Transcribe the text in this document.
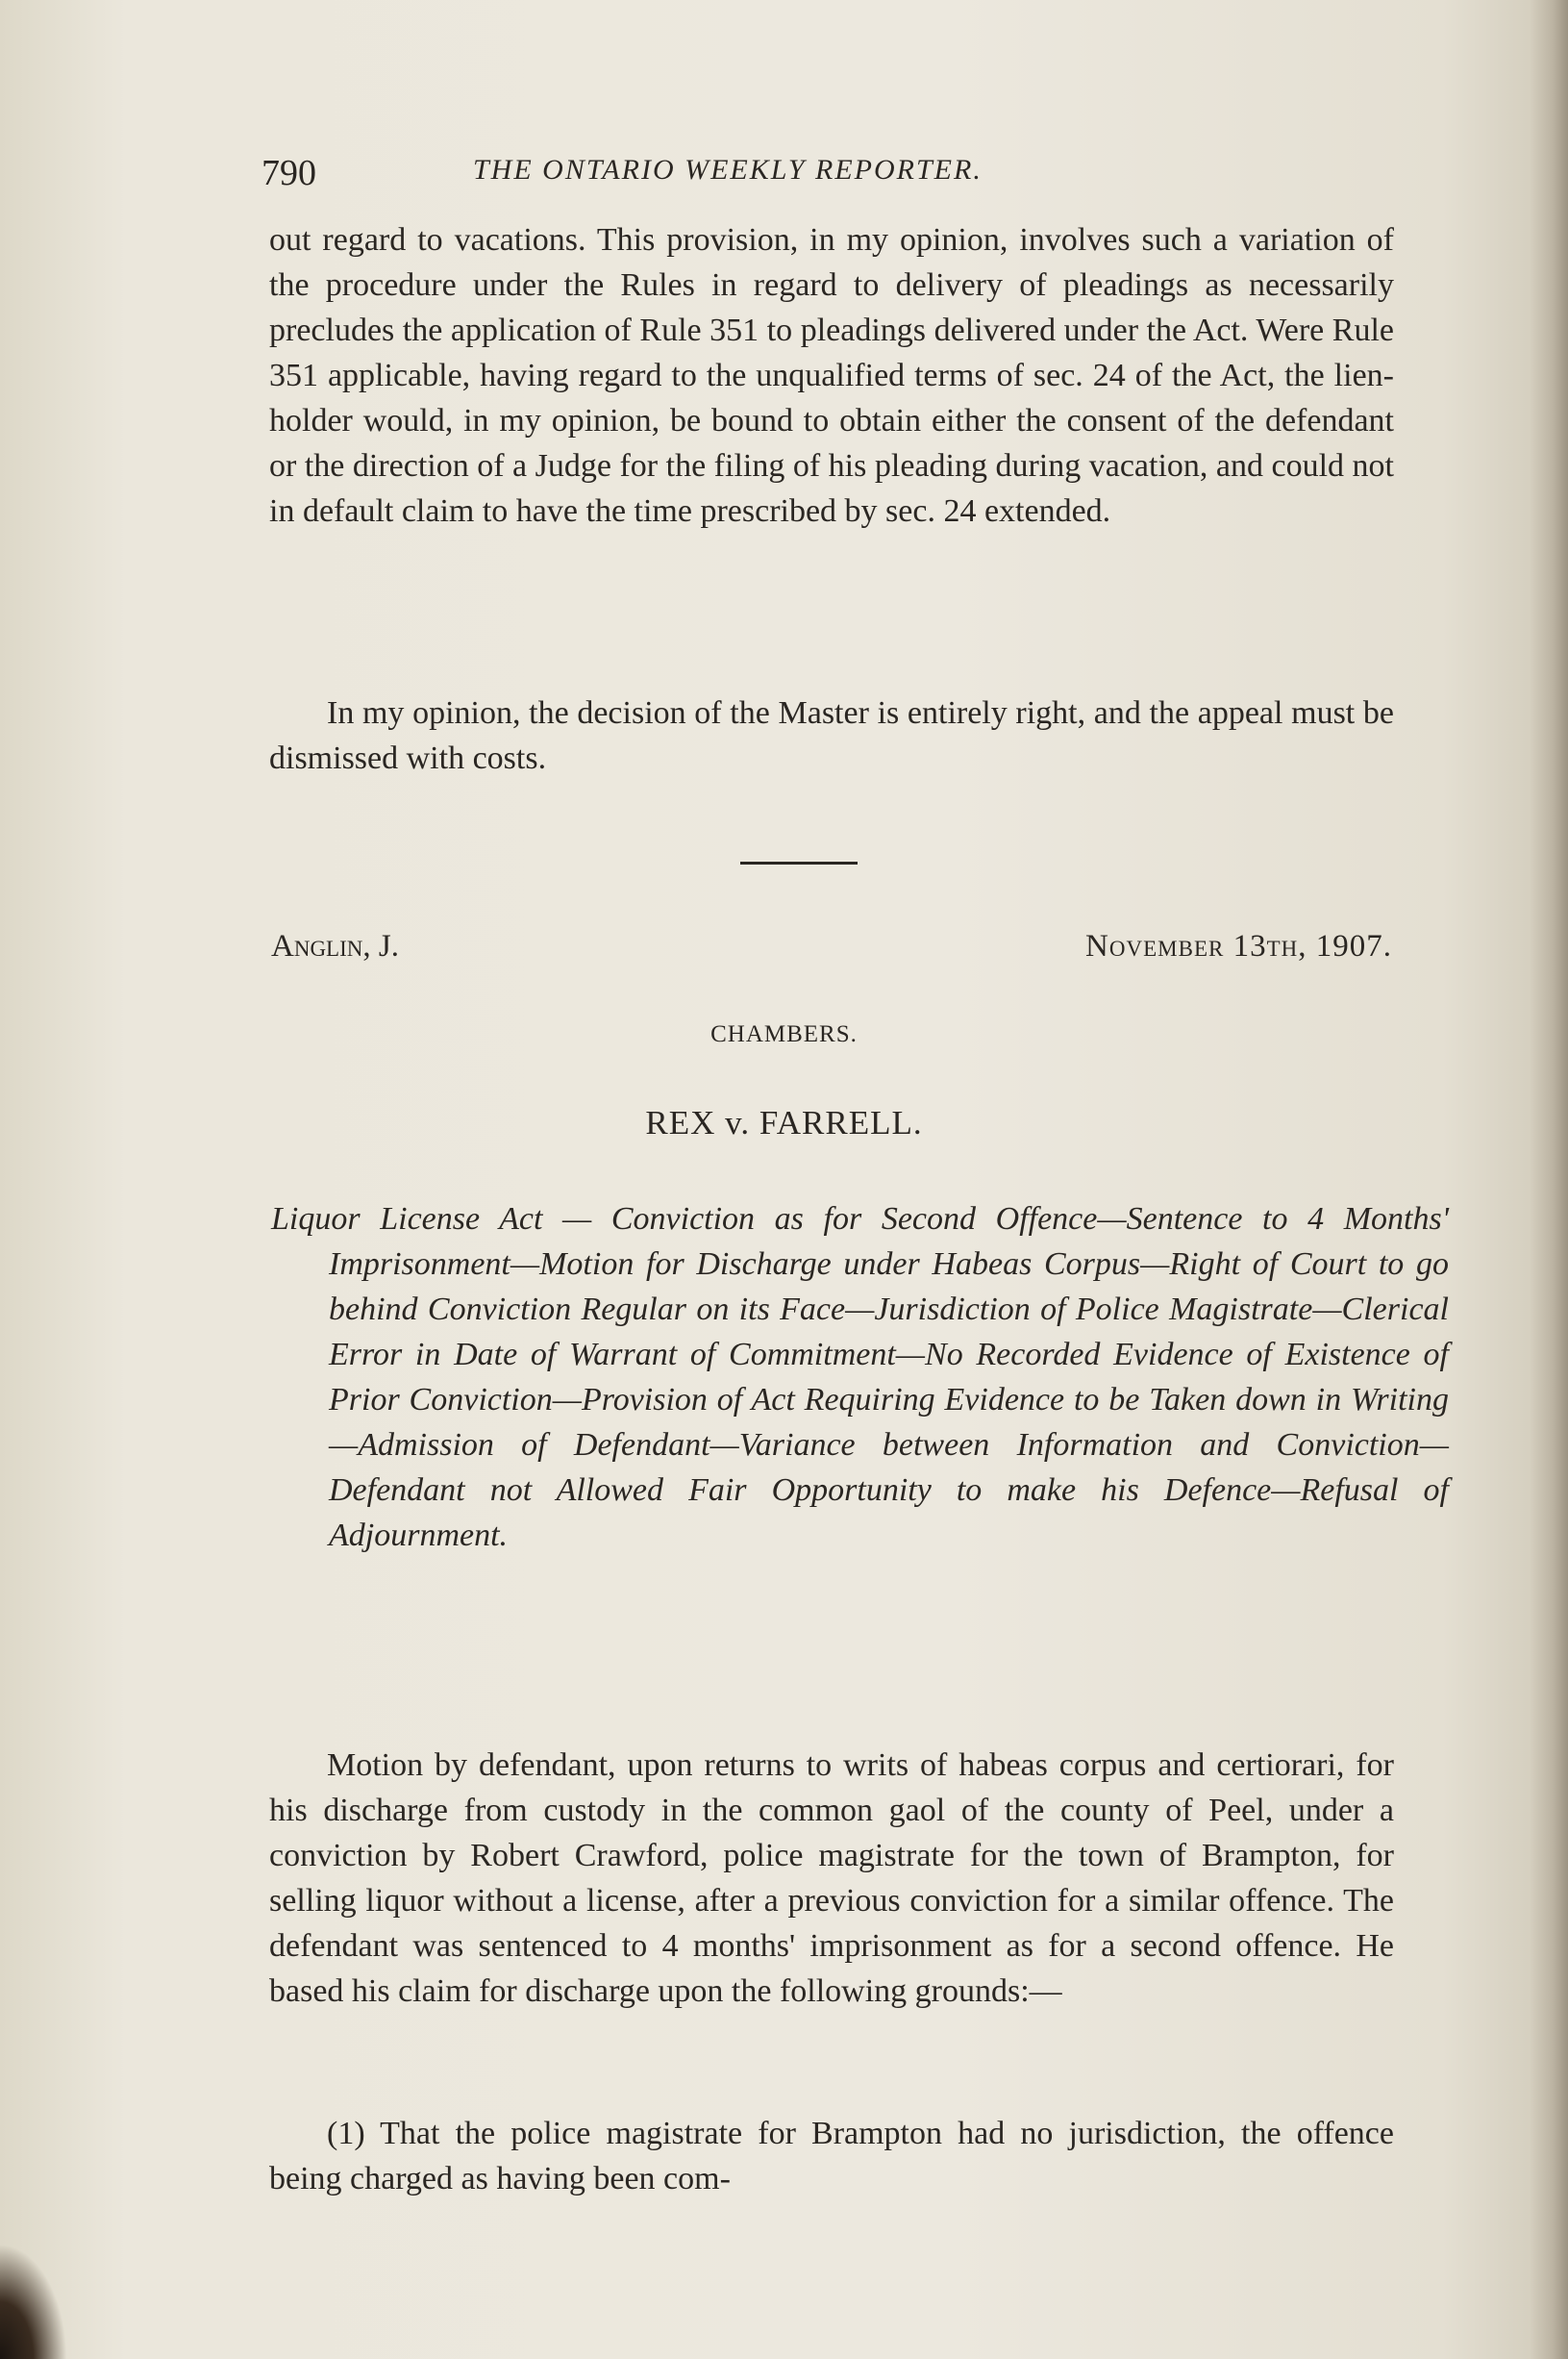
790	THE ONTARIO WEEKLY REPORTER.

out regard to vacations. This provision, in my opinion, involves such a variation of the procedure under the Rules in regard to delivery of pleadings as necessarily precludes the application of Rule 351 to pleadings delivered under the Act. Were Rule 351 applicable, having regard to the unqualified terms of sec. 24 of the Act, the lien-holder would, in my opinion, be bound to obtain either the consent of the defendant or the direction of a Judge for the filing of his pleading during vacation, and could not in default claim to have the time prescribed by sec. 24 extended.

In my opinion, the decision of the Master is entirely right, and the appeal must be dismissed with costs.

Anglin, J.	November 13th, 1907.
CHAMBERS.
REX v. FARRELL.

Liquor License Act — Conviction as for Second Offence—Sentence to 4 Months' Imprisonment—Motion for Discharge under Habeas Corpus—Right of Court to go behind Conviction Regular on its Face—Jurisdiction of Police Magistrate—Clerical Error in Date of Warrant of Commitment—No Recorded Evidence of Existence of Prior Conviction—Provision of Act Requiring Evidence to be Taken down in Writing—Admission of Defendant—Variance between Information and Conviction—Defendant not Allowed Fair Opportunity to make his Defence—Refusal of Adjournment.

Motion by defendant, upon returns to writs of habeas corpus and certiorari, for his discharge from custody in the common gaol of the county of Peel, under a conviction by Robert Crawford, police magistrate for the town of Brampton, for selling liquor without a license, after a previous conviction for a similar offence. The defendant was sentenced to 4 months' imprisonment as for a second offence. He based his claim for discharge upon the following grounds:—

(1) That the police magistrate for Brampton had no jurisdiction, the offence being charged as having been com-
